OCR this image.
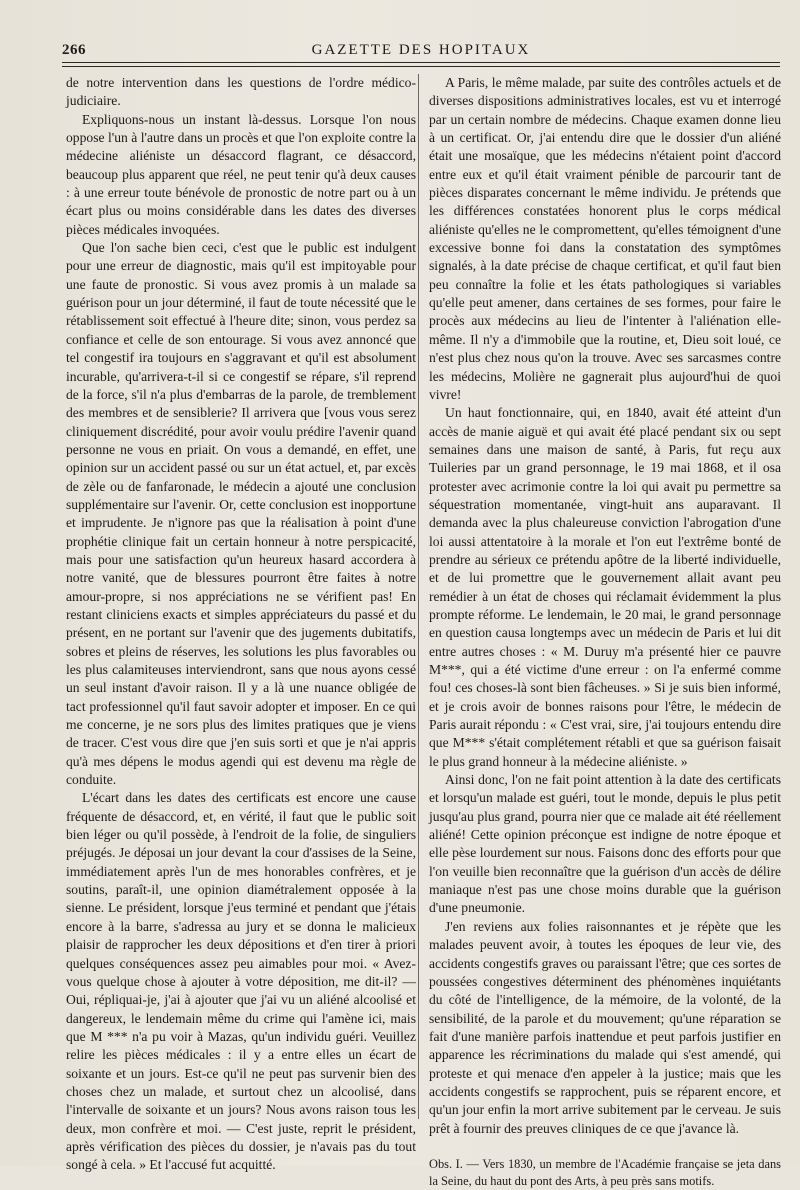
266	GAZETTE DES HOPITAUX

de notre intervention dans les questions de l'ordre médico-judiciaire.

Expliquons-nous un instant là-dessus. Lorsque l'on nous oppose l'un à l'autre dans un procès et que l'on exploite contre la médecine aliéniste un désaccord flagrant, ce désaccord, beaucoup plus apparent que réel, ne peut tenir qu'à deux causes : à une erreur toute bénévole de pronostic de notre part ou à un écart plus ou moins considérable dans les dates des diverses pièces médicales invoquées.

Que l'on sache bien ceci, c'est que le public est indulgent pour une erreur de diagnostic, mais qu'il est impitoyable pour une faute de pronostic. Si vous avez promis à un malade sa guérison pour un jour déterminé, il faut de toute nécessité que le rétablissement soit effectué à l'heure dite; sinon, vous perdez sa confiance et celle de son entourage. Si vous avez annoncé que tel congestif ira toujours en s'aggravant et qu'il est absolument incurable, qu'arrivera-t-il si ce congestif se répare, s'il reprend de la force, s'il n'a plus d'embarras de la parole, de tremblement des membres et de sensiblerie? Il arrivera que [vous vous serez cliniquement discrédité, pour avoir voulu prédire l'avenir quand personne ne vous en priait. On vous a demandé, en effet, une opinion sur un accident passé ou sur un état actuel, et, par excès de zèle ou de fanfaronade, le médecin a ajouté une conclusion supplémentaire sur l'avenir. Or, cette conclusion est inopportune et imprudente. Je n'ignore pas que la réalisation à point d'une prophétie clinique fait un certain honneur à notre perspicacité, mais pour une satisfaction qu'un heureux hasard accordera à notre vanité, que de blessures pourront être faites à notre amour-propre, si nos appréciations ne se vérifient pas! En restant cliniciens exacts et simples appréciateurs du passé et du présent, en ne portant sur l'avenir que des jugements dubitatifs, sobres et pleins de réserves, les solutions les plus favorables ou les plus calamiteuses interviendront, sans que nous ayons cessé un seul instant d'avoir raison. Il y a là une nuance obligée de tact professionnel qu'il faut savoir adopter et imposer. En ce qui me concerne, je ne sors plus des limites pratiques que je viens de tracer. C'est vous dire que j'en suis sorti et que je n'ai appris qu'à mes dépens le modus agendi qui est devenu ma règle de conduite.

L'écart dans les dates des certificats est encore une cause fréquente de désaccord, et, en vérité, il faut que le public soit bien léger ou qu'il possède, à l'endroit de la folie, de singuliers préjugés. Je déposai un jour devant la cour d'assises de la Seine, immédiatement après l'un de mes honorables confrères, et je soutins, paraît-il, une opinion diamétralement opposée à la sienne. Le président, lorsque j'eus terminé et pendant que j'étais encore à la barre, s'adressa au jury et se donna le malicieux plaisir de rapprocher les deux dépositions et d'en tirer à priori quelques conséquences assez peu aimables pour moi. « Avez-vous quelque chose à ajouter à votre déposition, me dit-il? — Oui, répliquai-je, j'ai à ajouter que j'ai vu un aliéné alcoolisé et dangereux, le lendemain même du crime qui l'amène ici, mais que M *** n'a pu voir à Mazas, qu'un individu guéri. Veuillez relire les pièces médicales : il y a entre elles un écart de soixante et un jours. Est-ce qu'il ne peut pas survenir bien des choses chez un malade, et surtout chez un alcoolisé, dans l'intervalle de soixante et un jours? Nous avons raison tous les deux, mon confrère et moi. — C'est juste, reprit le président, après vérification des pièces du dossier, je n'avais pas du tout songé à cela. » Et l'accusé fut acquitté.

A Paris, le même malade, par suite des contrôles actuels et de diverses dispositions administratives locales, est vu et interrogé par un certain nombre de médecins. Chaque examen donne lieu à un certificat. Or, j'ai entendu dire que le dossier d'un aliéné était une mosaïque, que les médecins n'étaient point d'accord entre eux et qu'il était vraiment pénible de parcourir tant de pièces disparates concernant le même individu. Je prétends que les différences constatées honorent plus le corps médical aliéniste qu'elles ne le compromettent, qu'elles témoignent d'une excessive bonne foi dans la constatation des symptômes signalés, à la date précise de chaque certificat, et qu'il faut bien peu connaître la folie et les états pathologiques si variables qu'elle peut amener, dans certaines de ses formes, pour faire le procès aux médecins au lieu de l'intenter à l'aliénation elle-même. Il n'y a d'immobile que la routine, et, Dieu soit loué, ce n'est plus chez nous qu'on la trouve. Avec ses sarcasmes contre les médecins, Molière ne gagnerait plus aujourd'hui de quoi vivre!

Un haut fonctionnaire, qui, en 1840, avait été atteint d'un accès de manie aiguë et qui avait été placé pendant six ou sept semaines dans une maison de santé, à Paris, fut reçu aux Tuileries par un grand personnage, le 19 mai 1868, et il osa protester avec acrimonie contre la loi qui avait pu permettre sa séquestration momentanée, vingt-huit ans auparavant. Il demanda avec la plus chaleureuse conviction l'abrogation d'une loi aussi attentatoire à la morale et l'on eut l'extrême bonté de prendre au sérieux ce prétendu apôtre de la liberté individuelle, et de lui promettre que le gouvernement allait avant peu remédier à un état de choses qui réclamait évidemment la plus prompte réforme. Le lendemain, le 20 mai, le grand personnage en question causa longtemps avec un médecin de Paris et lui dit entre autres choses : « M. Duruy m'a présenté hier ce pauvre M***, qui a été victime d'une erreur : on l'a enfermé comme fou! ces choses-là sont bien fâcheuses. » Si je suis bien informé, et je crois avoir de bonnes raisons pour l'être, le médecin de Paris aurait répondu : « C'est vrai, sire, j'ai toujours entendu dire que M*** s'était complétement rétabli et que sa guérison faisait le plus grand honneur à la médecine aliéniste. »

Ainsi donc, l'on ne fait point attention à la date des certificats et lorsqu'un malade est guéri, tout le monde, depuis le plus petit jusqu'au plus grand, pourra nier que ce malade ait été réellement aliéné! Cette opinion préconçue est indigne de notre époque et elle pèse lourdement sur nous. Faisons donc des efforts pour que l'on veuille bien reconnaître que la guérison d'un accès de délire maniaque n'est pas une chose moins durable que la guérison d'une pneumonie.

J'en reviens aux folies raisonnantes et je répète que les malades peuvent avoir, à toutes les époques de leur vie, des accidents congestifs graves ou paraissant l'être; que ces sortes de poussées congestives déterminent des phénomènes inquiétants du côté de l'intelligence, de la mémoire, de la volonté, de la sensibilité, de la parole et du mouvement; qu'une réparation se fait d'une manière parfois inattendue et peut parfois justifier en apparence les récriminations du malade qui s'est amendé, qui proteste et qui menace d'en appeler à la justice; mais que les accidents congestifs se rapprochent, puis se réparent encore, et qu'un jour enfin la mort arrive subitement par le cerveau. Je suis prêt à fournir des preuves cliniques de ce que j'avance là.

Obs. I. — Vers 1830, un membre de l'Académie française se jeta dans la Seine, du haut du pont des Arts, à peu près sans motifs.
